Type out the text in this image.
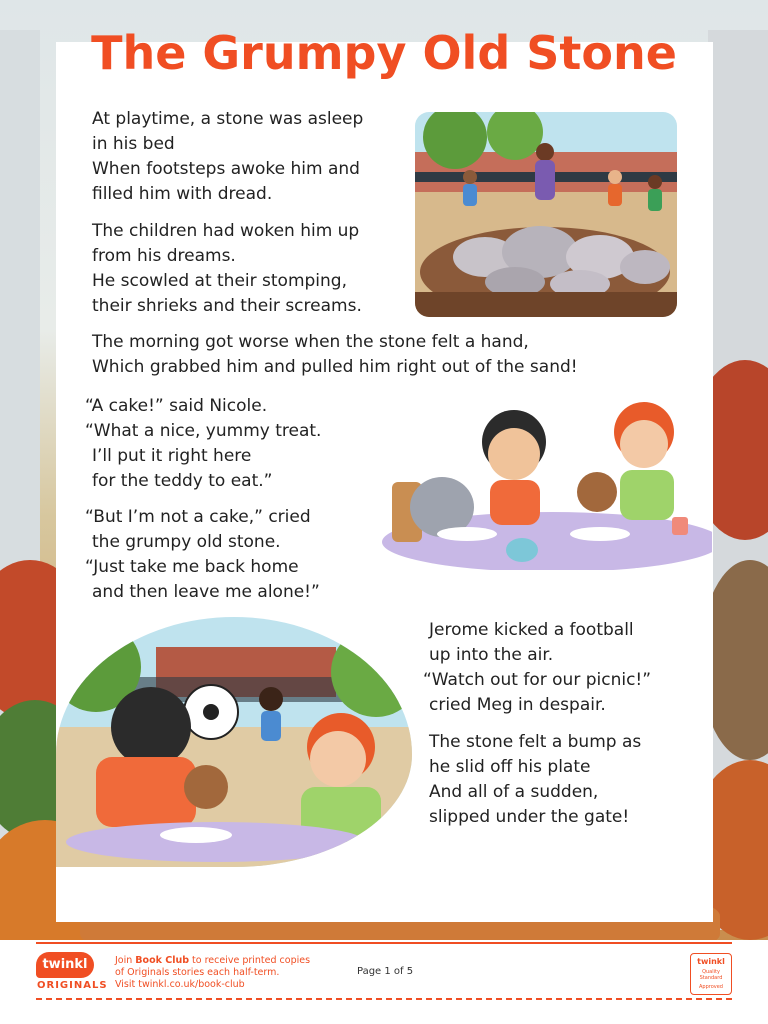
The Grumpy Old Stone

At playtime, a stone was asleep
in his bed
When footsteps awoke him and
filled him with dread.

The children had woken him up
from his dreams.
He scowled at their stomping,
their shrieks and their screams.

The morning got worse when the stone felt a hand,
Which grabbed him and pulled him right out of the sand!

“A cake!” said Nicole.
“What a nice, yummy treat.
I’ll put it right here
for the teddy to eat.”

“But I’m not a cake,” cried
the grumpy old stone.
“Just take me back home
and then leave me alone!”

Jerome kicked a football
up into the air.
“Watch out for our picnic!”
cried Meg in despair.

The stone felt a bump as
he slid off his plate
And all of a sudden,
slipped under the gate!

twinkl
ORIGINALS
Join Book Club to receive printed copies
of Originals stories each half-term.
Visit twinkl.co.uk/book-club
Page 1 of 5
twinkl
Quality Standard
Approved
